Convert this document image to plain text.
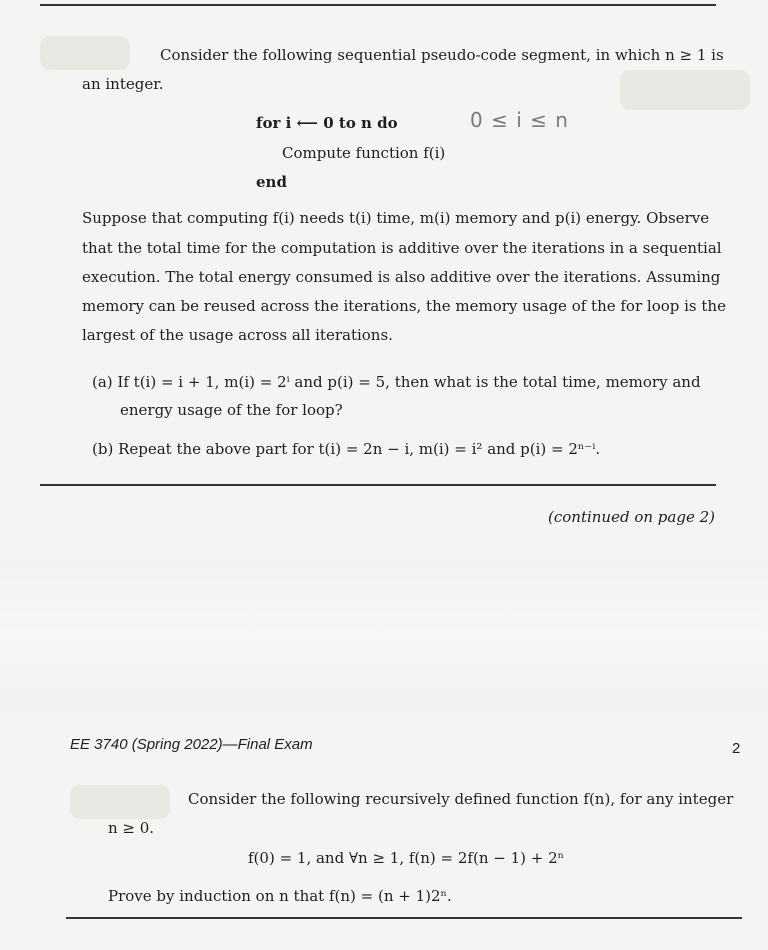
Consider the following sequential pseudo-code segment, in which n ≥ 1 is
an integer.
for i ⟵ 0 to n do	0 ≤ i ≤ n
Compute function f(i)
end
Suppose that computing f(i) needs t(i) time, m(i) memory and p(i) energy. Observe
that the total time for the computation is additive over the iterations in a sequential
execution. The total energy consumed is also additive over the iterations. Assuming
memory can be reused across the iterations, the memory usage of the for loop is the
largest of the usage across all iterations.
(a) If t(i) = i + 1, m(i) = 2ⁱ and p(i) = 5, then what is the total time, memory and
energy usage of the for loop?
(b) Repeat the above part for t(i) = 2n − i, m(i) = i² and p(i) = 2ⁿ⁻ⁱ.
(continued on page 2)
EE 3740 (Spring 2022)—Final Exam	2
Consider the following recursively defined function f(n), for any integer
n ≥ 0.
f(0) = 1, and ∀n ≥ 1, f(n) = 2f(n − 1) + 2ⁿ
Prove by induction on n that f(n) = (n + 1)2ⁿ.
